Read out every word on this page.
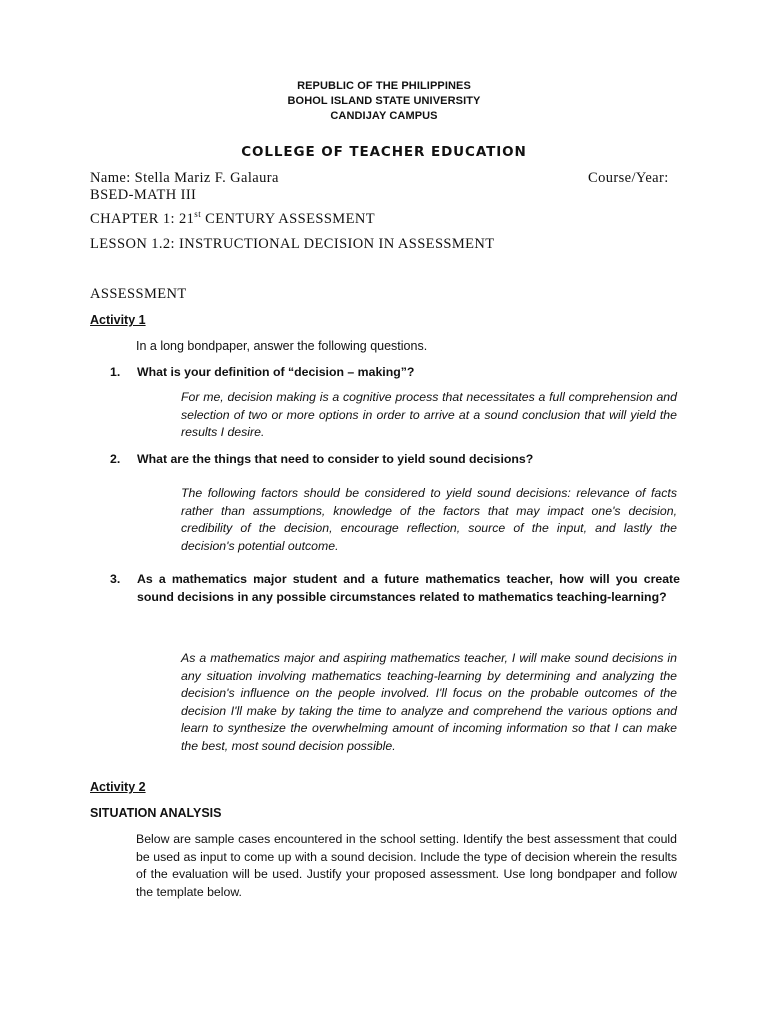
REPUBLIC OF THE PHILIPPINES
BOHOL ISLAND STATE UNIVERSITY
CANDIJAY CAMPUS
COLLEGE OF TEACHER EDUCATION
Name: Stella Mariz F. Galaura	Course/Year:
BSED-MATH III
CHAPTER 1: 21st CENTURY ASSESSMENT
LESSON 1.2: INSTRUCTIONAL DECISION IN ASSESSMENT
ASSESSMENT
Activity 1
In a long bondpaper, answer the following questions.
1. What is your definition of “decision – making”?
For me, decision making is a cognitive process that necessitates a full comprehension and selection of two or more options in order to arrive at a sound conclusion that will yield the results I desire.
2. What are the things that need to consider to yield sound decisions?
The following factors should be considered to yield sound decisions: relevance of facts rather than assumptions, knowledge of the factors that may impact one's decision, credibility of the decision, encourage reflection, source of the input, and lastly the decision's potential outcome.
3. As a mathematics major student and a future mathematics teacher, how will you create sound decisions in any possible circumstances related to mathematics teaching-learning?
As a mathematics major and aspiring mathematics teacher, I will make sound decisions in any situation involving mathematics teaching-learning by determining and analyzing the decision's influence on the people involved. I'll focus on the probable outcomes of the decision I'll make by taking the time to analyze and comprehend the various options and learn to synthesize the overwhelming amount of incoming information so that I can make the best, most sound decision possible.
Activity 2
SITUATION ANALYSIS
Below are sample cases encountered in the school setting. Identify the best assessment that could be used as input to come up with a sound decision. Include the type of decision wherein the results of the evaluation will be used. Justify your proposed assessment. Use long bondpaper and follow the template below.
